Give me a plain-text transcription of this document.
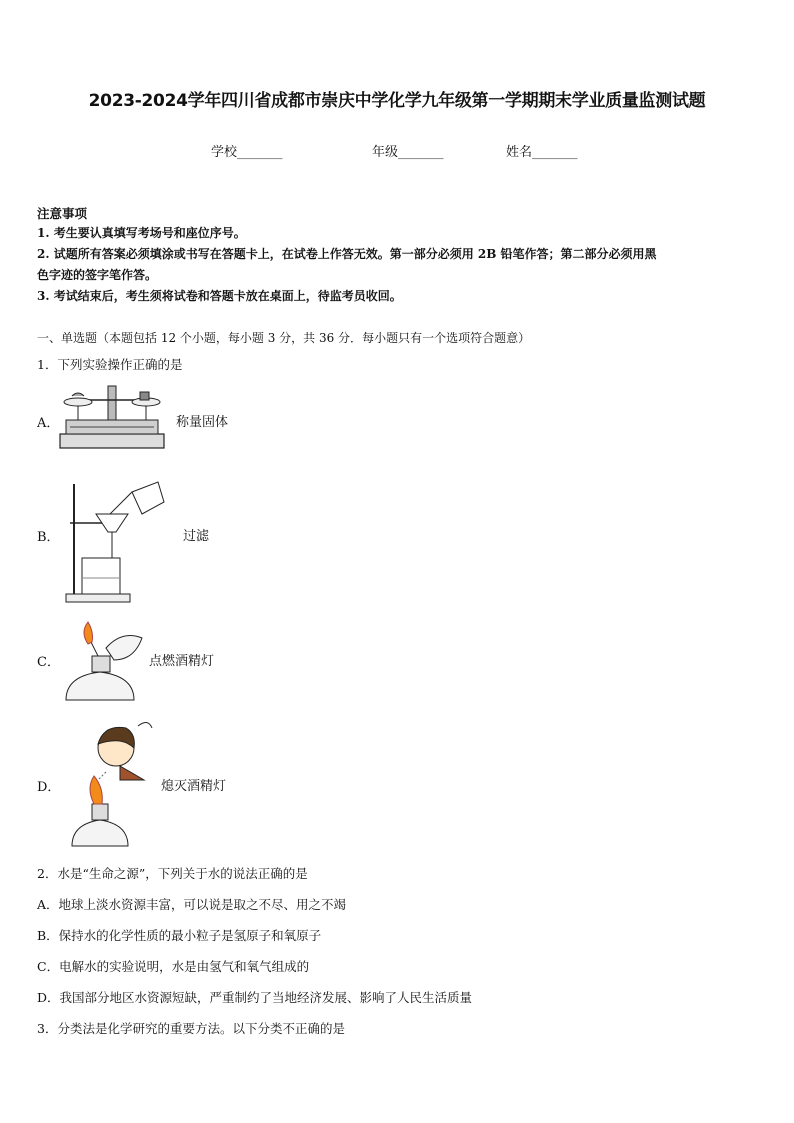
2023-2024学年四川省成都市崇庆中学化学九年级第一学期期末学业质量监测试题
学校_______	年级_______	姓名_______
注意事项
1. 考生要认真填写考场号和座位序号。
2. 试题所有答案必须填涂或书写在答题卡上，在试卷上作答无效。第一部分必须用 2B 铅笔作答；第二部分必须用黑
色字迹的签字笔作答。
3. 考试结束后，考生须将试卷和答题卡放在桌面上，待监考员收回。
一、单选题（本题包括 12 个小题，每小题 3 分，共 36 分．每小题只有一个选项符合题意）
1．下列实验操作正确的是
A．	称量固体
B．	过滤
C．	点燃酒精灯
D．	熄灭酒精灯
2．水是“生命之源”，下列关于水的说法正确的是
A．地球上淡水资源丰富，可以说是取之不尽、用之不竭
B．保持水的化学性质的最小粒子是氢原子和氧原子
C．电解水的实验说明，水是由氢气和氧气组成的
D．我国部分地区水资源短缺，严重制约了当地经济发展、影响了人民生活质量
3．分类法是化学研究的重要方法。以下分类不正确的是
